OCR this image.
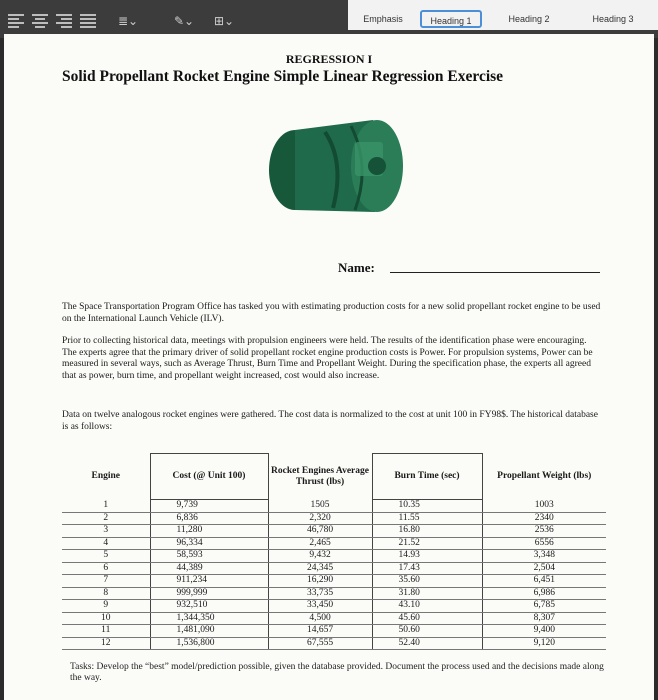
≣⌄	✎⌄	⊞⌄	Emphasis	Heading 1	Heading 2	Heading 3
REGRESSION I
Solid Propellant Rocket Engine Simple Linear Regression Exercise
Name:
The Space Transportation Program Office has tasked you with estimating production costs for a new solid propellant rocket engine to be used on the International Launch Vehicle (ILV).
Prior to collecting historical data, meetings with propulsion engineers were held. The results of the identification phase were encouraging. The experts agree that the primary driver of solid propellant rocket engine production costs is Power. For propulsion systems, Power can be measured in several ways, such as Average Thrust, Burn Time and Propellant Weight. During the specification phase, the experts all agreed that as power, burn time, and propellant weight increased, cost would also increase.
Data on twelve analogous rocket engines were gathered. The cost data is normalized to the cost at unit 100 in FY98$. The historical database is as follows:
Engine	Cost (@ Unit 100)	Rocket Engines Average Thrust (lbs)	Burn Time (sec)	Propellant Weight (lbs)
1	9,739	1505	10.35	1003
2	6,836	2,320	11.55	2340
3	11,280	46,780	16.80	2536
4	96,334	2,465	21.52	6556
5	58,593	9,432	14.93	3,348
6	44,389	24,345	17.43	2,504
7	911,234	16,290	35.60	6,451
8	999,999	33,735	31.80	6,986
9	932,510	33,450	43.10	6,785
10	1,344,350	4,500	45.60	8,307
11	1,481,090	14,657	50.60	9,400
12	1,536,800	67,555	52.40	9,120
Tasks: Develop the “best” model/prediction possible, given the database provided. Document the process used and the decisions made along the way.
